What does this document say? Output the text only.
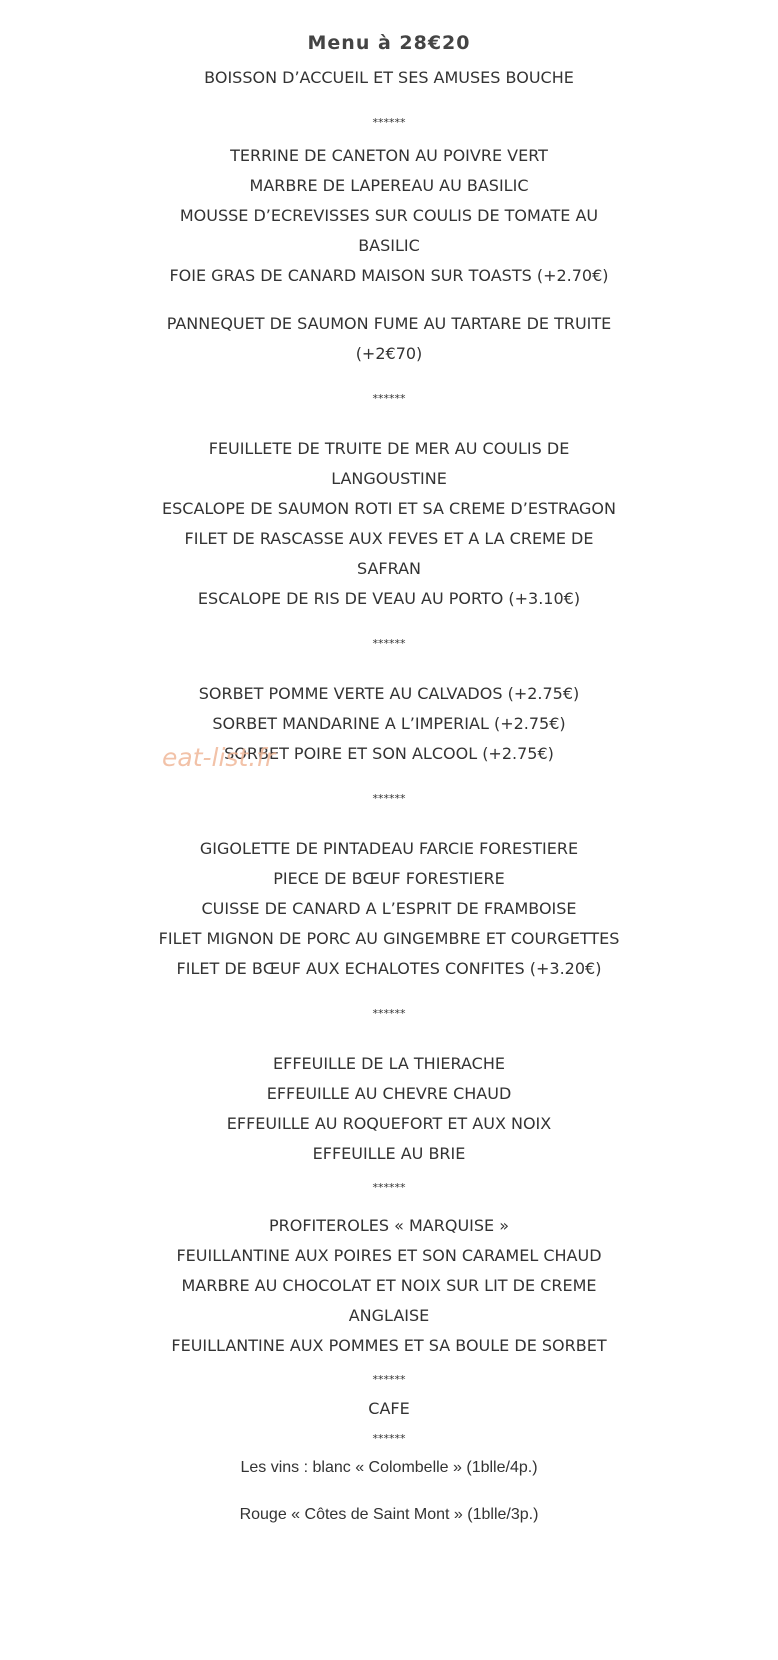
Menu à 28€20
BOISSON D’ACCUEIL ET SES AMUSES BOUCHE
******
TERRINE DE CANETON AU POIVRE VERT
MARBRE DE LAPEREAU AU BASILIC
MOUSSE D’ECREVISSES SUR COULIS DE TOMATE AU
BASILIC
FOIE GRAS DE CANARD MAISON SUR TOASTS (+2.70€)
PANNEQUET DE SAUMON FUME AU TARTARE DE TRUITE
(+2€70)
******
FEUILLETE DE TRUITE DE MER AU COULIS DE
LANGOUSTINE
ESCALOPE DE SAUMON ROTI ET SA CREME D’ESTRAGON
FILET DE RASCASSE AUX FEVES ET A LA CREME DE
SAFRAN
ESCALOPE DE RIS DE VEAU AU PORTO (+3.10€)
******
SORBET POMME VERTE AU CALVADOS (+2.75€)
SORBET MANDARINE A L’IMPERIAL (+2.75€)
SORBET POIRE ET SON ALCOOL (+2.75€)
******
GIGOLETTE DE PINTADEAU FARCIE FORESTIERE
PIECE DE BŒUF FORESTIERE
CUISSE DE CANARD A L’ESPRIT DE FRAMBOISE
FILET MIGNON DE PORC AU GINGEMBRE ET COURGETTES
FILET DE BŒUF AUX ECHALOTES CONFITES (+3.20€)
******
EFFEUILLE DE LA THIERACHE
EFFEUILLE AU CHEVRE CHAUD
EFFEUILLE AU ROQUEFORT ET AUX NOIX
EFFEUILLE AU BRIE
******
PROFITEROLES « MARQUISE »
FEUILLANTINE AUX POIRES ET SON CARAMEL CHAUD
MARBRE AU CHOCOLAT ET NOIX SUR LIT DE CREME
ANGLAISE
FEUILLANTINE AUX POMMES ET SA BOULE DE SORBET
******
CAFE
******
Les vins : blanc « Colombelle » (1blle/4p.)
Rouge « Côtes de Saint Mont » (1blle/3p.)
eat-list.fr
